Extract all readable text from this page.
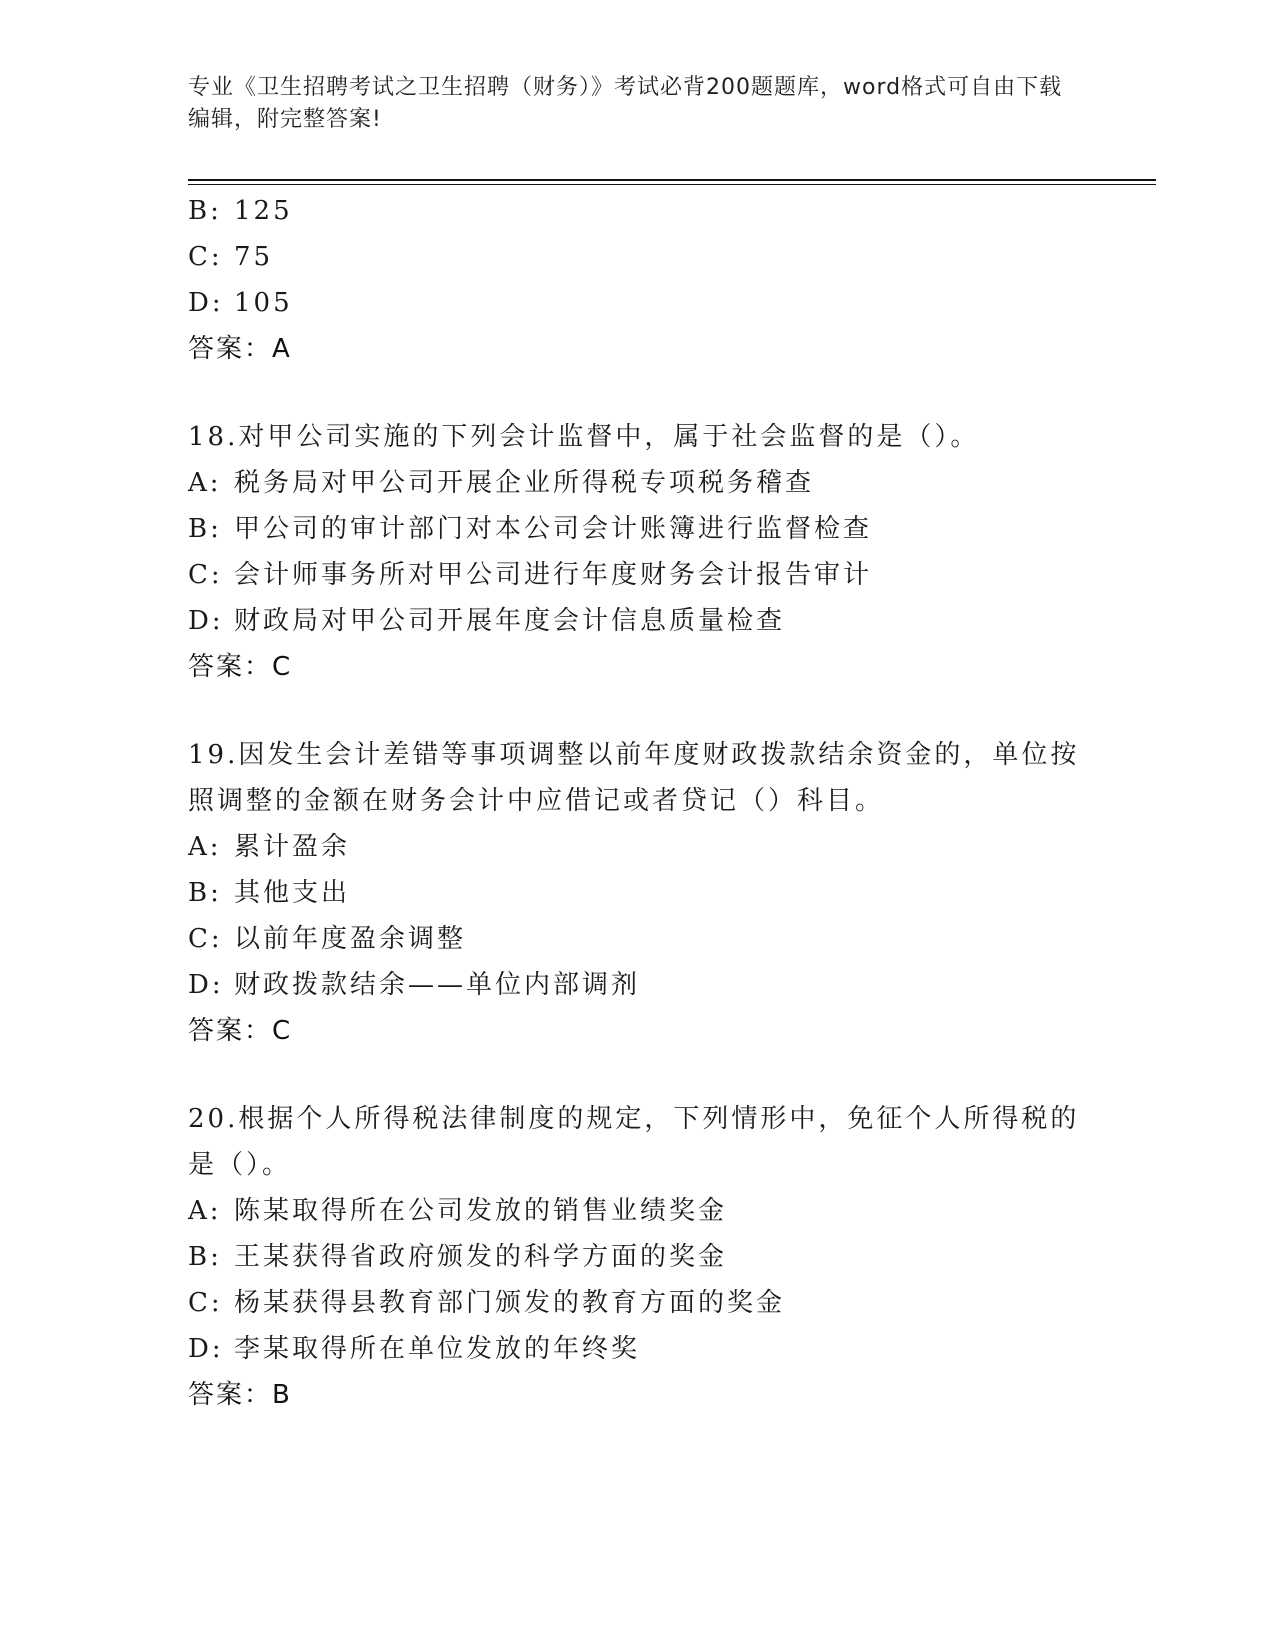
专业《卫生招聘考试之卫生招聘（财务）》考试必背200题题库，word格式可自由下载编辑，附完整答案!
B: 125
C: 75
D: 105
答案：A
18.对甲公司实施的下列会计监督中，属于社会监督的是（）。
A: 税务局对甲公司开展企业所得税专项税务稽查
B: 甲公司的审计部门对本公司会计账簿进行监督检查
C: 会计师事务所对甲公司进行年度财务会计报告审计
D: 财政局对甲公司开展年度会计信息质量检查
答案：C
19.因发生会计差错等事项调整以前年度财政拨款结余资金的，单位按照调整的金额在财务会计中应借记或者贷记（）科目。
A: 累计盈余
B: 其他支出
C: 以前年度盈余调整
D: 财政拨款结余——单位内部调剂
答案：C
20.根据个人所得税法律制度的规定，下列情形中，免征个人所得税的是（）。
A: 陈某取得所在公司发放的销售业绩奖金
B: 王某获得省政府颁发的科学方面的奖金
C: 杨某获得县教育部门颁发的教育方面的奖金
D: 李某取得所在单位发放的年终奖
答案：B
